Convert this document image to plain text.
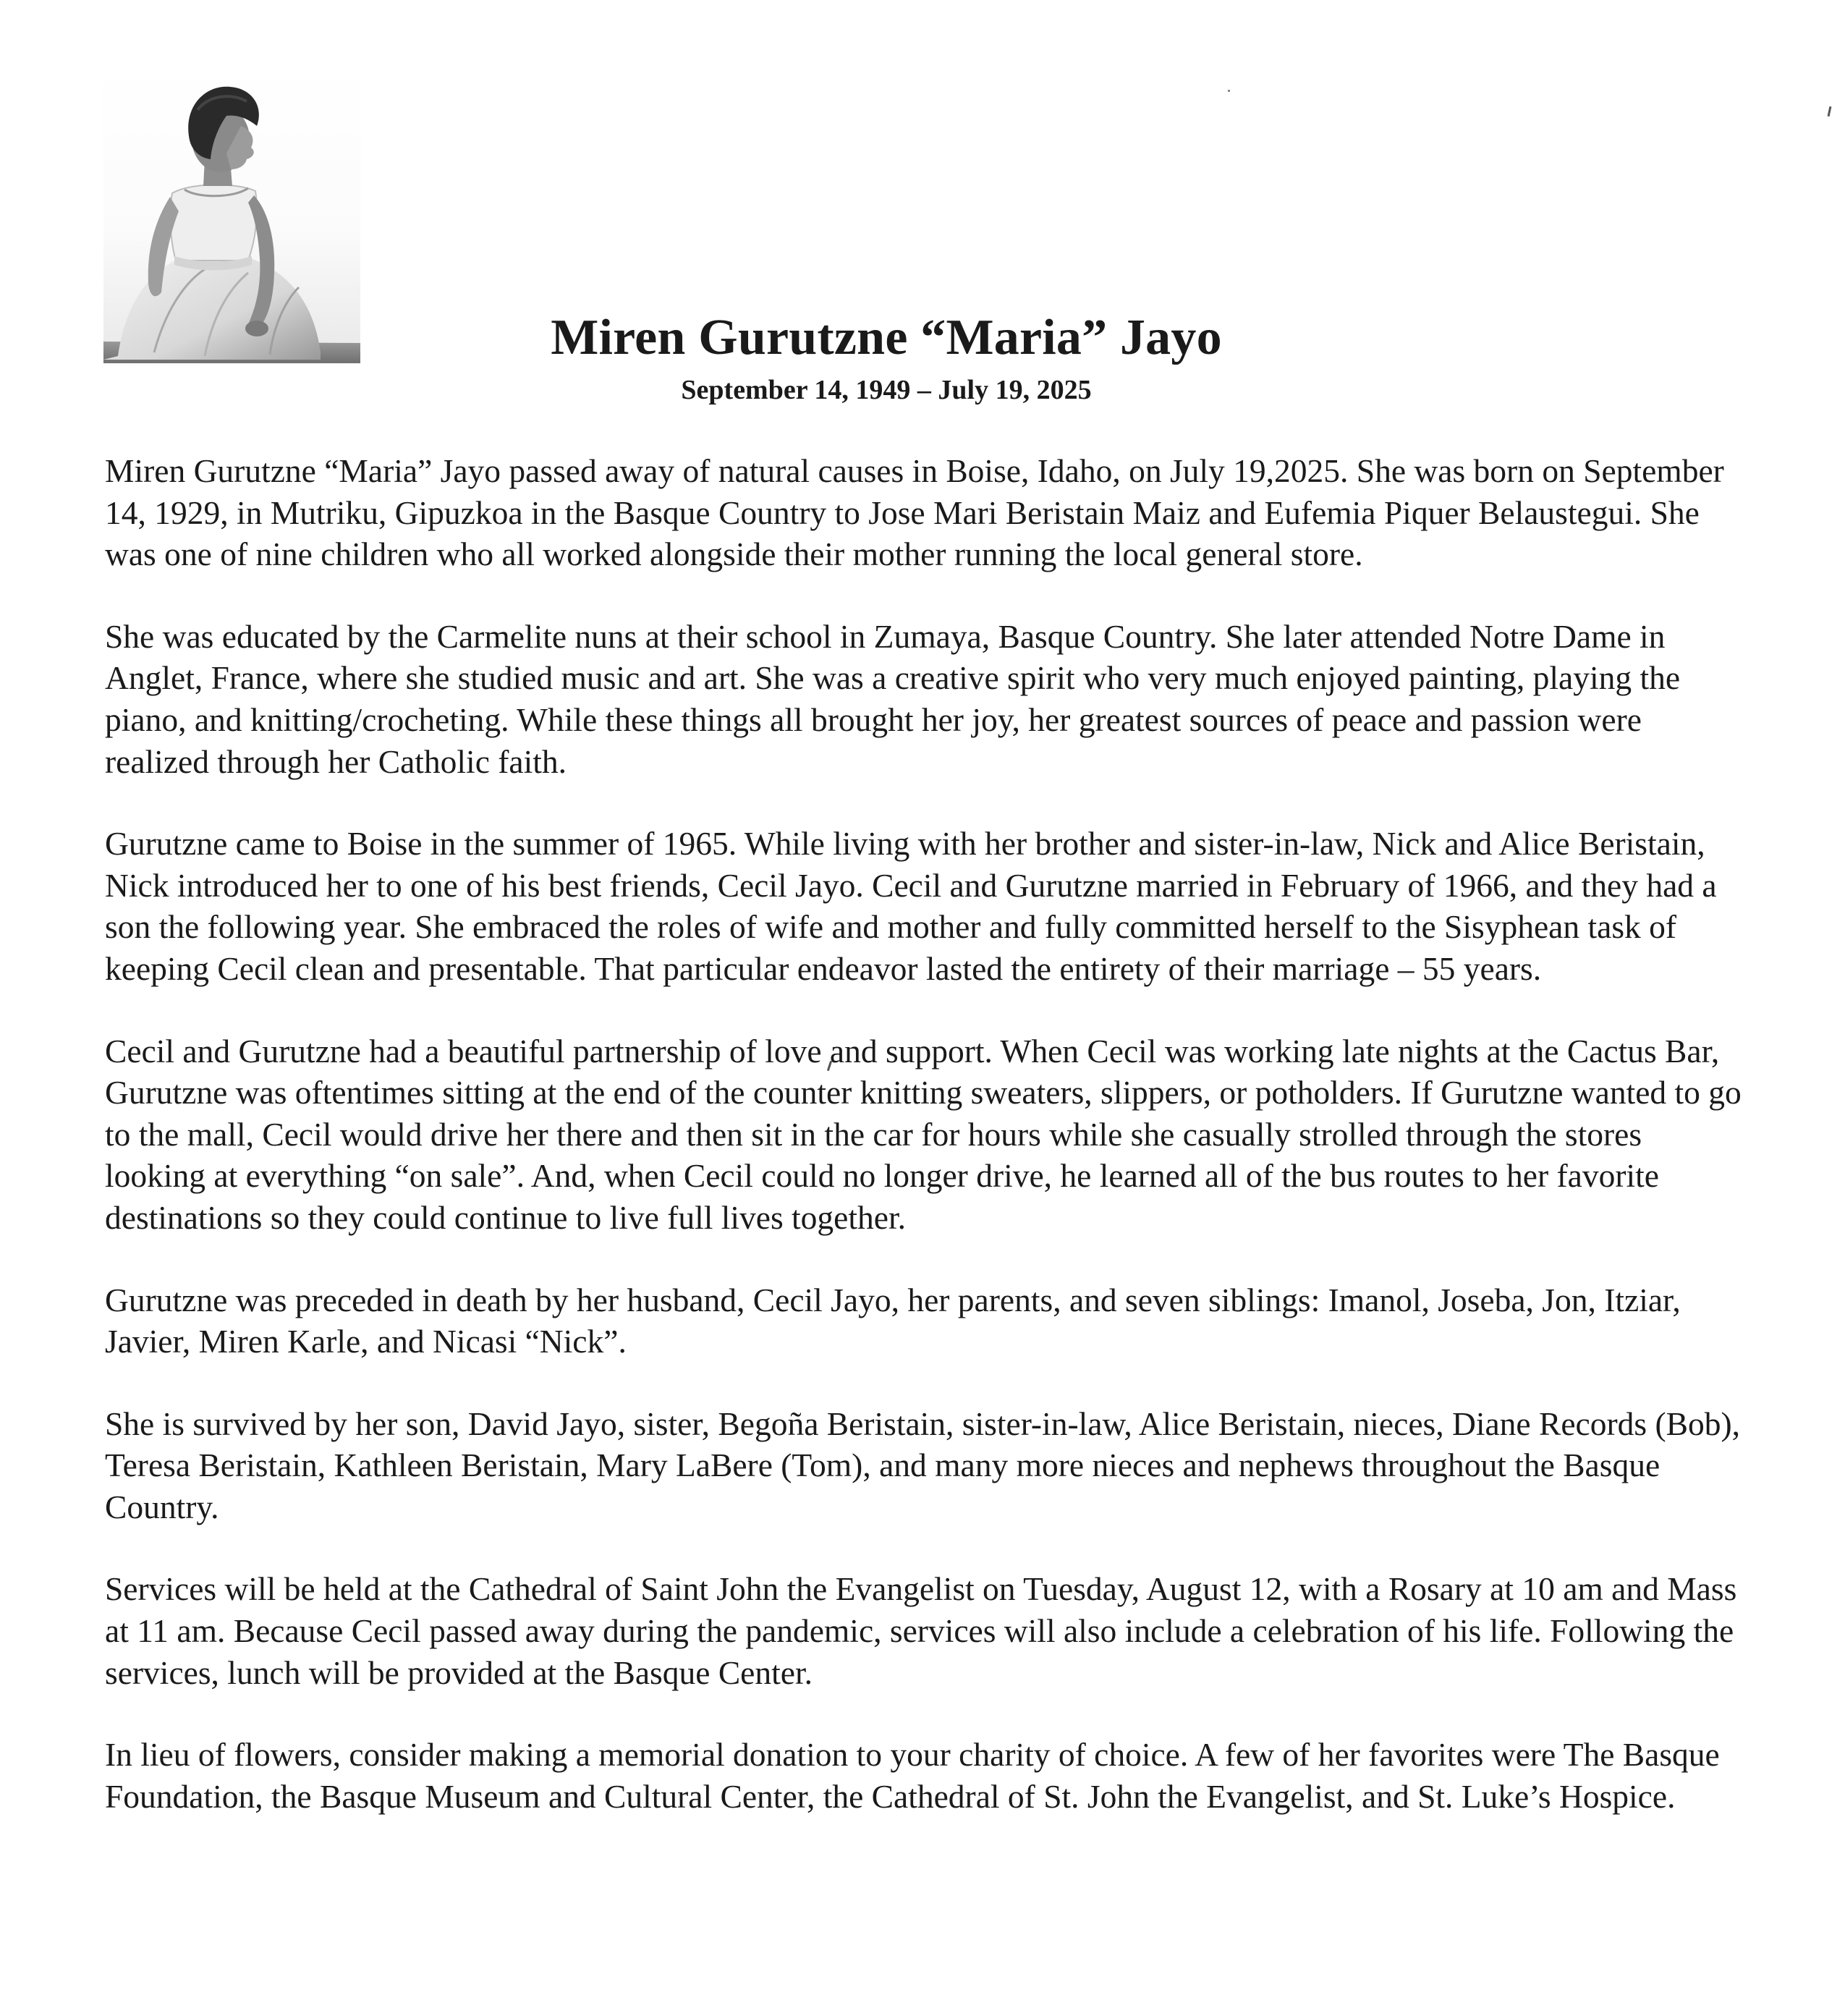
Miren Gurutzne “Maria” Jayo
September 14, 1949 – July 19, 2025

Miren Gurutzne “Maria” Jayo passed away of natural causes in Boise, Idaho, on July 19,2025. She was born on September 14, 1929, in Mutriku, Gipuzkoa in the Basque Country to Jose Mari Beristain Maiz and Eufemia Piquer Belaustegui. She was one of nine children who all worked alongside their mother running the local general store.

She was educated by the Carmelite nuns at their school in Zumaya, Basque Country. She later attended Notre Dame in Anglet, France, where she studied music and art. She was a creative spirit who very much enjoyed painting, playing the piano, and knitting/crocheting. While these things all brought her joy, her greatest sources of peace and passion were realized through her Catholic faith.

Gurutzne came to Boise in the summer of 1965. While living with her brother and sister-in-law, Nick and Alice Beristain, Nick introduced her to one of his best friends, Cecil Jayo. Cecil and Gurutzne married in February of 1966, and they had a son the following year. She embraced the roles of wife and mother and fully committed herself to the Sisyphean task of keeping Cecil clean and presentable. That particular endeavor lasted the entirety of their marriage – 55 years.

Cecil and Gurutzne had a beautiful partnership of love and support. When Cecil was working late nights at the Cactus Bar, Gurutzne was oftentimes sitting at the end of the counter knitting sweaters, slippers, or potholders. If Gurutzne wanted to go to the mall, Cecil would drive her there and then sit in the car for hours while she casually strolled through the stores looking at everything “on sale”. And, when Cecil could no longer drive, he learned all of the bus routes to her favorite destinations so they could continue to live full lives together.

Gurutzne was preceded in death by her husband, Cecil Jayo, her parents, and seven siblings: Imanol, Joseba, Jon, Itziar, Javier, Miren Karle, and Nicasi “Nick”.

She is survived by her son, David Jayo, sister, Begoña Beristain, sister-in-law, Alice Beristain, nieces, Diane Records (Bob), Teresa Beristain, Kathleen Beristain, Mary LaBere (Tom), and many more nieces and nephews throughout the Basque Country.

Services will be held at the Cathedral of Saint John the Evangelist on Tuesday, August 12, with a Rosary at 10 am and Mass at 11 am. Because Cecil passed away during the pandemic, services will also include a celebration of his life. Following the services, lunch will be provided at the Basque Center.

In lieu of flowers, consider making a memorial donation to your charity of choice. A few of her favorites were The Basque Foundation, the Basque Museum and Cultural Center, the Cathedral of St. John the Evangelist, and St. Luke’s Hospice.
